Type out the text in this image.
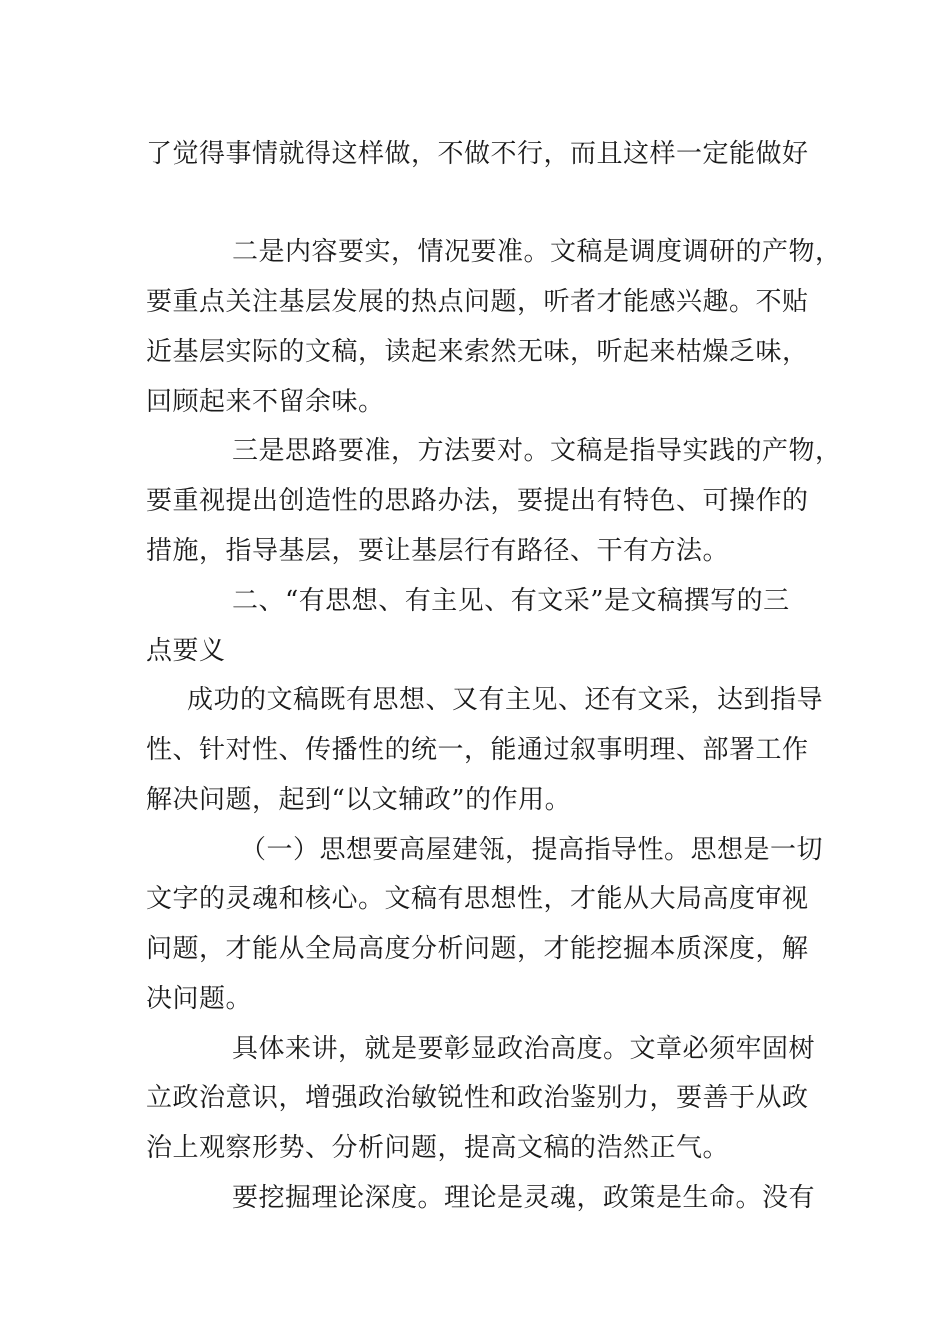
了觉得事情就得这样做，不做不行，而且这样一定能做好
二是内容要实，情况要准。文稿是调度调研的产物，
要重点关注基层发展的热点问题，听者才能感兴趣。不贴
近基层实际的文稿，读起来索然无味，听起来枯燥乏味，
回顾起来不留余味。
三是思路要准，方法要对。文稿是指导实践的产物，
要重视提出创造性的思路办法，要提出有特色、可操作的
措施，指导基层，要让基层行有路径、干有方法。
二、“有思想、有主见、有文采”是文稿撰写的三
点要义
成功的文稿既有思想、又有主见、还有文采，达到指导
性、针对性、传播性的统一，能通过叙事明理、部署工作
解决问题，起到“以文辅政”的作用。
（一）思想要高屋建瓴，提高指导性。思想是一切
文字的灵魂和核心。文稿有思想性，才能从大局高度审视
问题，才能从全局高度分析问题，才能挖掘本质深度，解
决问题。
具体来讲，就是要彰显政治高度。文章必须牢固树
立政治意识，增强政治敏锐性和政治鉴别力，要善于从政
治上观察形势、分析问题，提高文稿的浩然正气。
要挖掘理论深度。理论是灵魂，政策是生命。没有
